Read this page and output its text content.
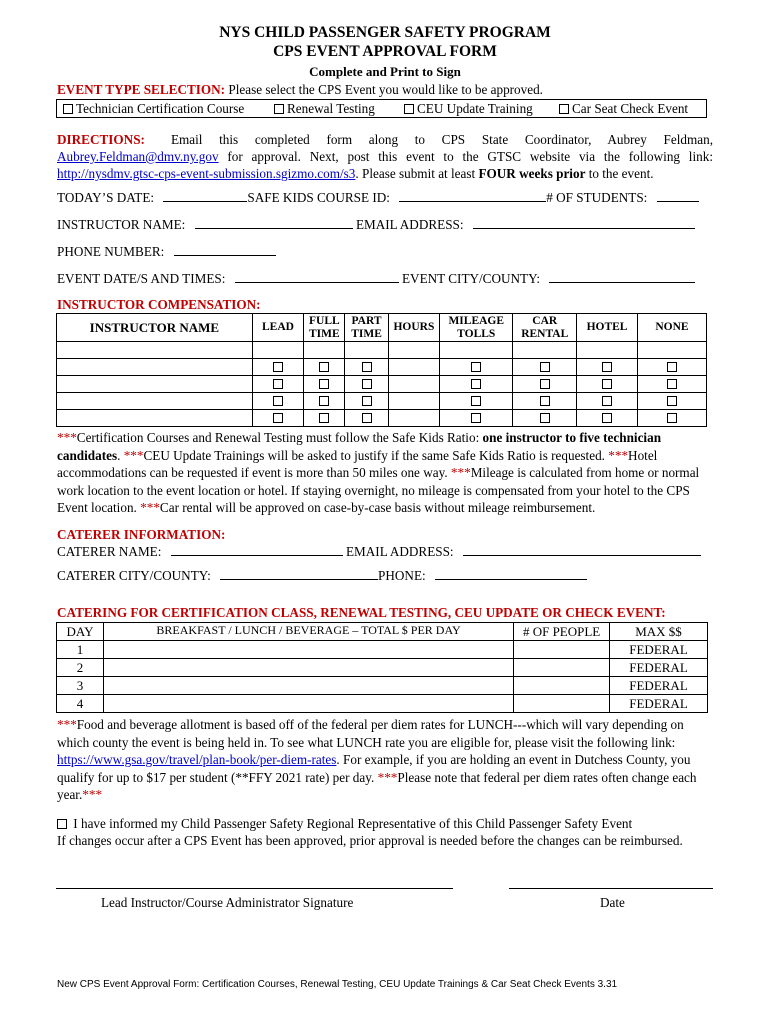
NYS CHILD PASSENGER SAFETY PROGRAM
CPS EVENT APPROVAL FORM
Complete and Print to Sign
EVENT TYPE SELECTION: Please select the CPS Event you would like to be approved.
Technician Certification Course	Renewal Testing	CEU Update Training	Car Seat Check Event
DIRECTIONS: Email this completed form along to CPS State Coordinator, Aubrey Feldman,
Aubrey.Feldman@dmv.ny.gov for approval. Next, post this event to the GTSC website via the following link:
http://nysdmv.gtsc-cps-event-submission.sgizmo.com/s3. Please submit at least FOUR weeks prior to the event.
TODAY’S DATE:	SAFE KIDS COURSE ID:	# OF STUDENTS:
INSTRUCTOR NAME:	EMAIL ADDRESS:
PHONE NUMBER:
EVENT DATE/S AND TIMES:	EVENT CITY/COUNTY:
INSTRUCTOR COMPENSATION:
INSTRUCTOR NAME	LEAD	FULL TIME	PART TIME	HOURS	MILEAGE TOLLS	CAR RENTAL	HOTEL	NONE

***Certification Courses and Renewal Testing must follow the Safe Kids Ratio: one instructor to five technician candidates. ***CEU Update Trainings will be asked to justify if the same Safe Kids Ratio is requested. ***Hotel accommodations can be requested if event is more than 50 miles one way. ***Mileage is calculated from home or normal work location to the event location or hotel. If staying overnight, no mileage is compensated from your hotel to the CPS Event location. ***Car rental will be approved on case-by-case basis without mileage reimbursement.
CATERER INFORMATION:
CATERER NAME:	EMAIL ADDRESS:
CATERER CITY/COUNTY:	PHONE:
CATERING FOR CERTIFICATION CLASS, RENEWAL TESTING, CEU UPDATE OR CHECK EVENT:
DAY	BREAKFAST / LUNCH / BEVERAGE – TOTAL $ PER DAY	# OF PEOPLE	MAX $$
1			FEDERAL
2			FEDERAL
3			FEDERAL
4			FEDERAL
***Food and beverage allotment is based off of the federal per diem rates for LUNCH---which will vary depending on which county the event is being held in. To see what LUNCH rate you are eligible for, please visit the following link: https://www.gsa.gov/travel/plan-book/per-diem-rates. For example, if you are holding an event in Dutchess County, you qualify for up to $17 per student (**FFY 2021 rate) per day. ***Please note that federal per diem rates often change each year.***
I have informed my Child Passenger Safety Regional Representative of this Child Passenger Safety Event
If changes occur after a CPS Event has been approved, prior approval is needed before the changes can be reimbursed.
Lead Instructor/Course Administrator Signature	Date
New CPS Event Approval Form: Certification Courses, Renewal Testing, CEU Update Trainings & Car Seat Check Events 3.31
